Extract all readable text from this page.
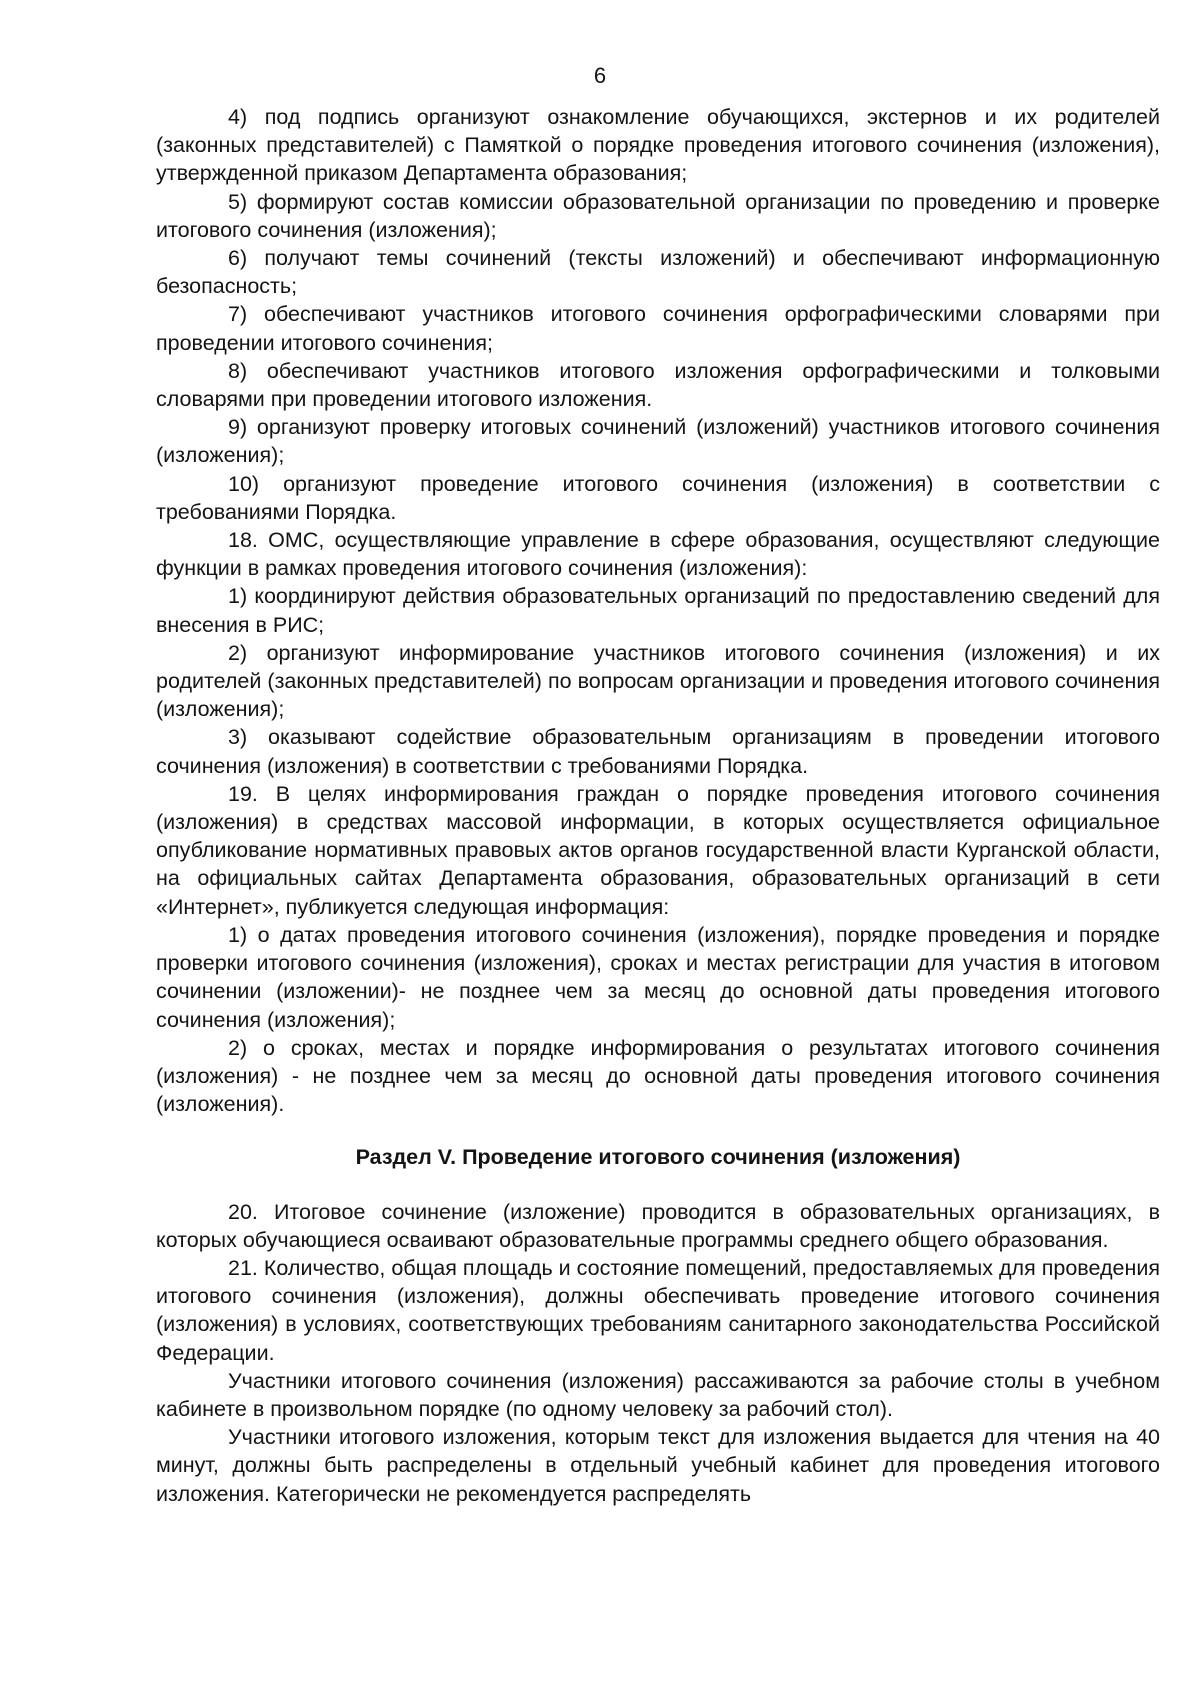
6

4) под подпись организуют ознакомление обучающихся, экстернов и их родителей (законных представителей) с Памяткой о порядке проведения итогового сочинения (изложения), утвержденной приказом Департамента образования;

5) формируют состав комиссии образовательной организации по проведению и проверке итогового сочинения (изложения);

6) получают темы сочинений (тексты изложений) и обеспечивают информационную безопасность;

7) обеспечивают участников итогового сочинения орфографическими словарями при проведении итогового сочинения;

8) обеспечивают участников итогового изложения орфографическими и толковыми словарями при проведении итогового изложения.

9) организуют проверку итоговых сочинений (изложений) участников итогового сочинения (изложения);

10) организуют проведение итогового сочинения (изложения) в соответствии с требованиями Порядка.

18. ОМС, осуществляющие управление в сфере образования, осуществляют следующие функции в рамках проведения итогового сочинения (изложения):

1) координируют действия образовательных организаций по предоставлению сведений для внесения в РИС;

2) организуют информирование участников итогового сочинения (изложения) и их родителей (законных представителей) по вопросам организации и проведения итогового сочинения (изложения);

3) оказывают содействие образовательным организациям в проведении итогового сочинения (изложения) в соответствии с требованиями Порядка.

19. В целях информирования граждан о порядке проведения итогового сочинения (изложения) в средствах массовой информации, в которых осуществляется официальное опубликование нормативных правовых актов органов государственной власти Курганской области, на официальных сайтах Департамента образования, образовательных организаций в сети «Интернет», публикуется следующая информация:

1) о датах проведения итогового сочинения (изложения), порядке проведения и порядке проверки итогового сочинения (изложения), сроках и местах регистрации для участия в итоговом сочинении (изложении)- не позднее чем за месяц до основной даты проведения итогового сочинения (изложения);

2) о сроках, местах и порядке информирования о результатах итогового сочинения (изложения) - не позднее чем за месяц до основной даты проведения итогового сочинения (изложения).

Раздел V. Проведение итогового сочинения (изложения)

20. Итоговое сочинение (изложение) проводится в образовательных организациях, в которых обучающиеся осваивают образовательные программы среднего общего образования.

21. Количество, общая площадь и состояние помещений, предоставляемых для проведения итогового сочинения (изложения), должны обеспечивать проведение итогового сочинения (изложения) в условиях, соответствующих требованиям санитарного законодательства Российской Федерации.

Участники итогового сочинения (изложения) рассаживаются за рабочие столы в учебном кабинете в произвольном порядке (по одному человеку за рабочий стол).

Участники итогового изложения, которым текст для изложения выдается для чтения на 40 минут, должны быть распределены в отдельный учебный кабинет для проведения итогового изложения. Категорически не рекомендуется распределять
